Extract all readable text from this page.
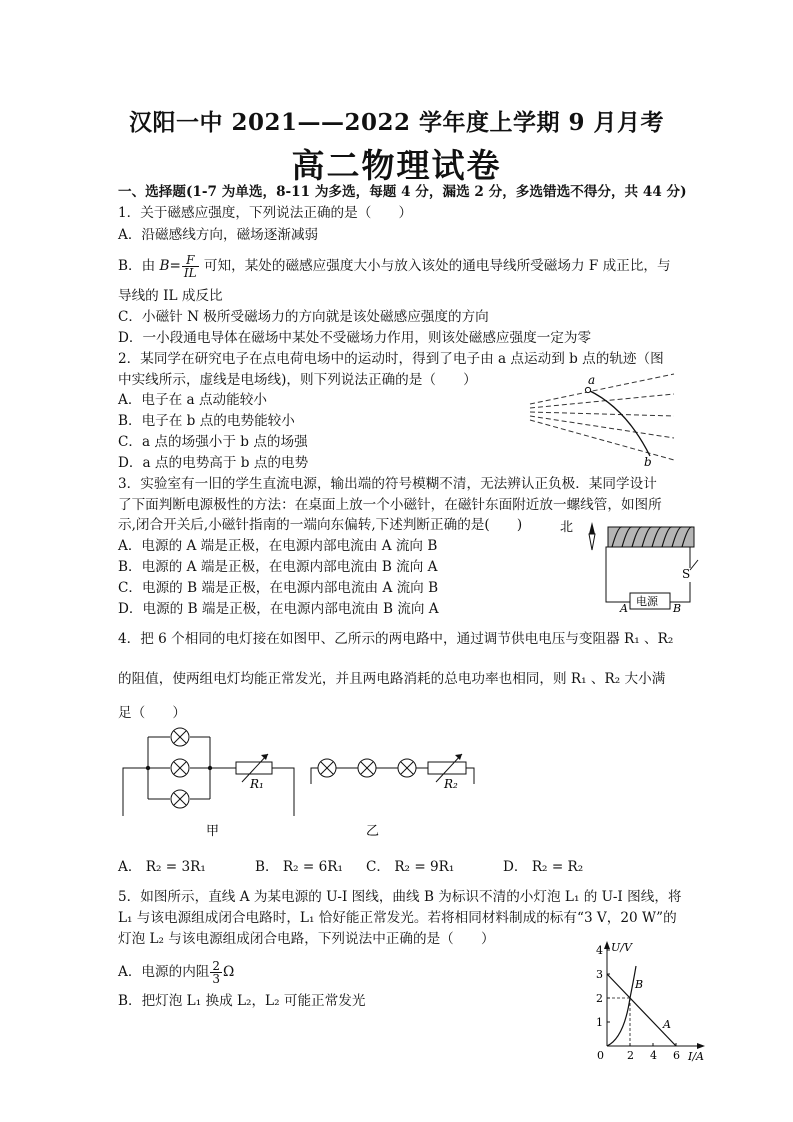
汉阳一中 2021——2022 学年度上学期 9 月月考
高二物理试卷
一、选择题(1-7 为单选，8-11 为多选，每题 4 分，漏选 2 分，多选错选不得分，共 44 分)
1．关于磁感应强度，下列说法正确的是（　　）
A．沿磁感线方向，磁场逐渐减弱
B．由 $B= \frac{F}{IL}$ 可知，某处的磁感应强度大小与放入该处的通电导线所受磁场力 F 成正比，与
导线的 IL 成反比
C．小磁针 N 极所受磁场力的方向就是该处磁感应强度的方向
D．一小段通电导体在磁场中某处不受磁场力作用，则该处磁感应强度一定为零
2．某同学在研究电子在点电荷电场中的运动时，得到了电子由 a 点运动到 b 点的轨迹（图
中实线所示，虚线是电场线)，则下列说法正确的是（　　）
A．电子在 a 点动能较小
B．电子在 b 点的电势能较小
C．a 点的场强小于 b 点的场强
D．a 点的电势高于 b 点的电势
a
b
3．实验室有一旧的学生直流电源，输出端的符号模糊不清，无法辨认正负极．某同学设计
了下面判断电源极性的方法：在桌面上放一个小磁针，在磁针东面附近放一螺线管，如图所
示,闭合开关后,小磁针指南的一端向东偏转,下述判断正确的是(　　)
A．电源的 A 端是正极，在电源内部电流由 A 流向 B
B．电源的 A 端是正极，在电源内部电流由 B 流向 A
C．电源的 B 端是正极，在电源内部电流由 A 流向 B
D．电源的 B 端是正极，在电源内部电流由 B 流向 A
北
电源
S
A	B
4．把 6 个相同的电灯接在如图甲、乙所示的两电路中，通过调节供电电压与变阻器 R₁ 、R₂
的阻值，使两组电灯均能正常发光，并且两电路消耗的总电功率也相同，则 R₁ 、R₂ 大小满
足（　　）
R₁
甲
R₂
乙
A． R₂ = 3R₁	B． R₂ = 6R₁ C． R₂ = 9R₁	D． R₂ = R₂
5．如图所示，直线 A 为某电源的 U-I 图线，曲线 B 为标识不清的小灯泡 L₁ 的 U-I 图线，将
L₁ 与该电源组成闭合电路时，L₁ 恰好能正常发光。若将相同材料制成的标有“3 V，20 W”的
灯泡 L₂ 与该电源组成闭合电路，下列说法中正确的是（　　）
A．电源的内阻 $\frac{2}{3}$ Ω
B．把灯泡 L₁ 换成 L₂，L₂ 可能正常发光
U/V
I/A
0
1
2
3
4
2 4 6
A
B
